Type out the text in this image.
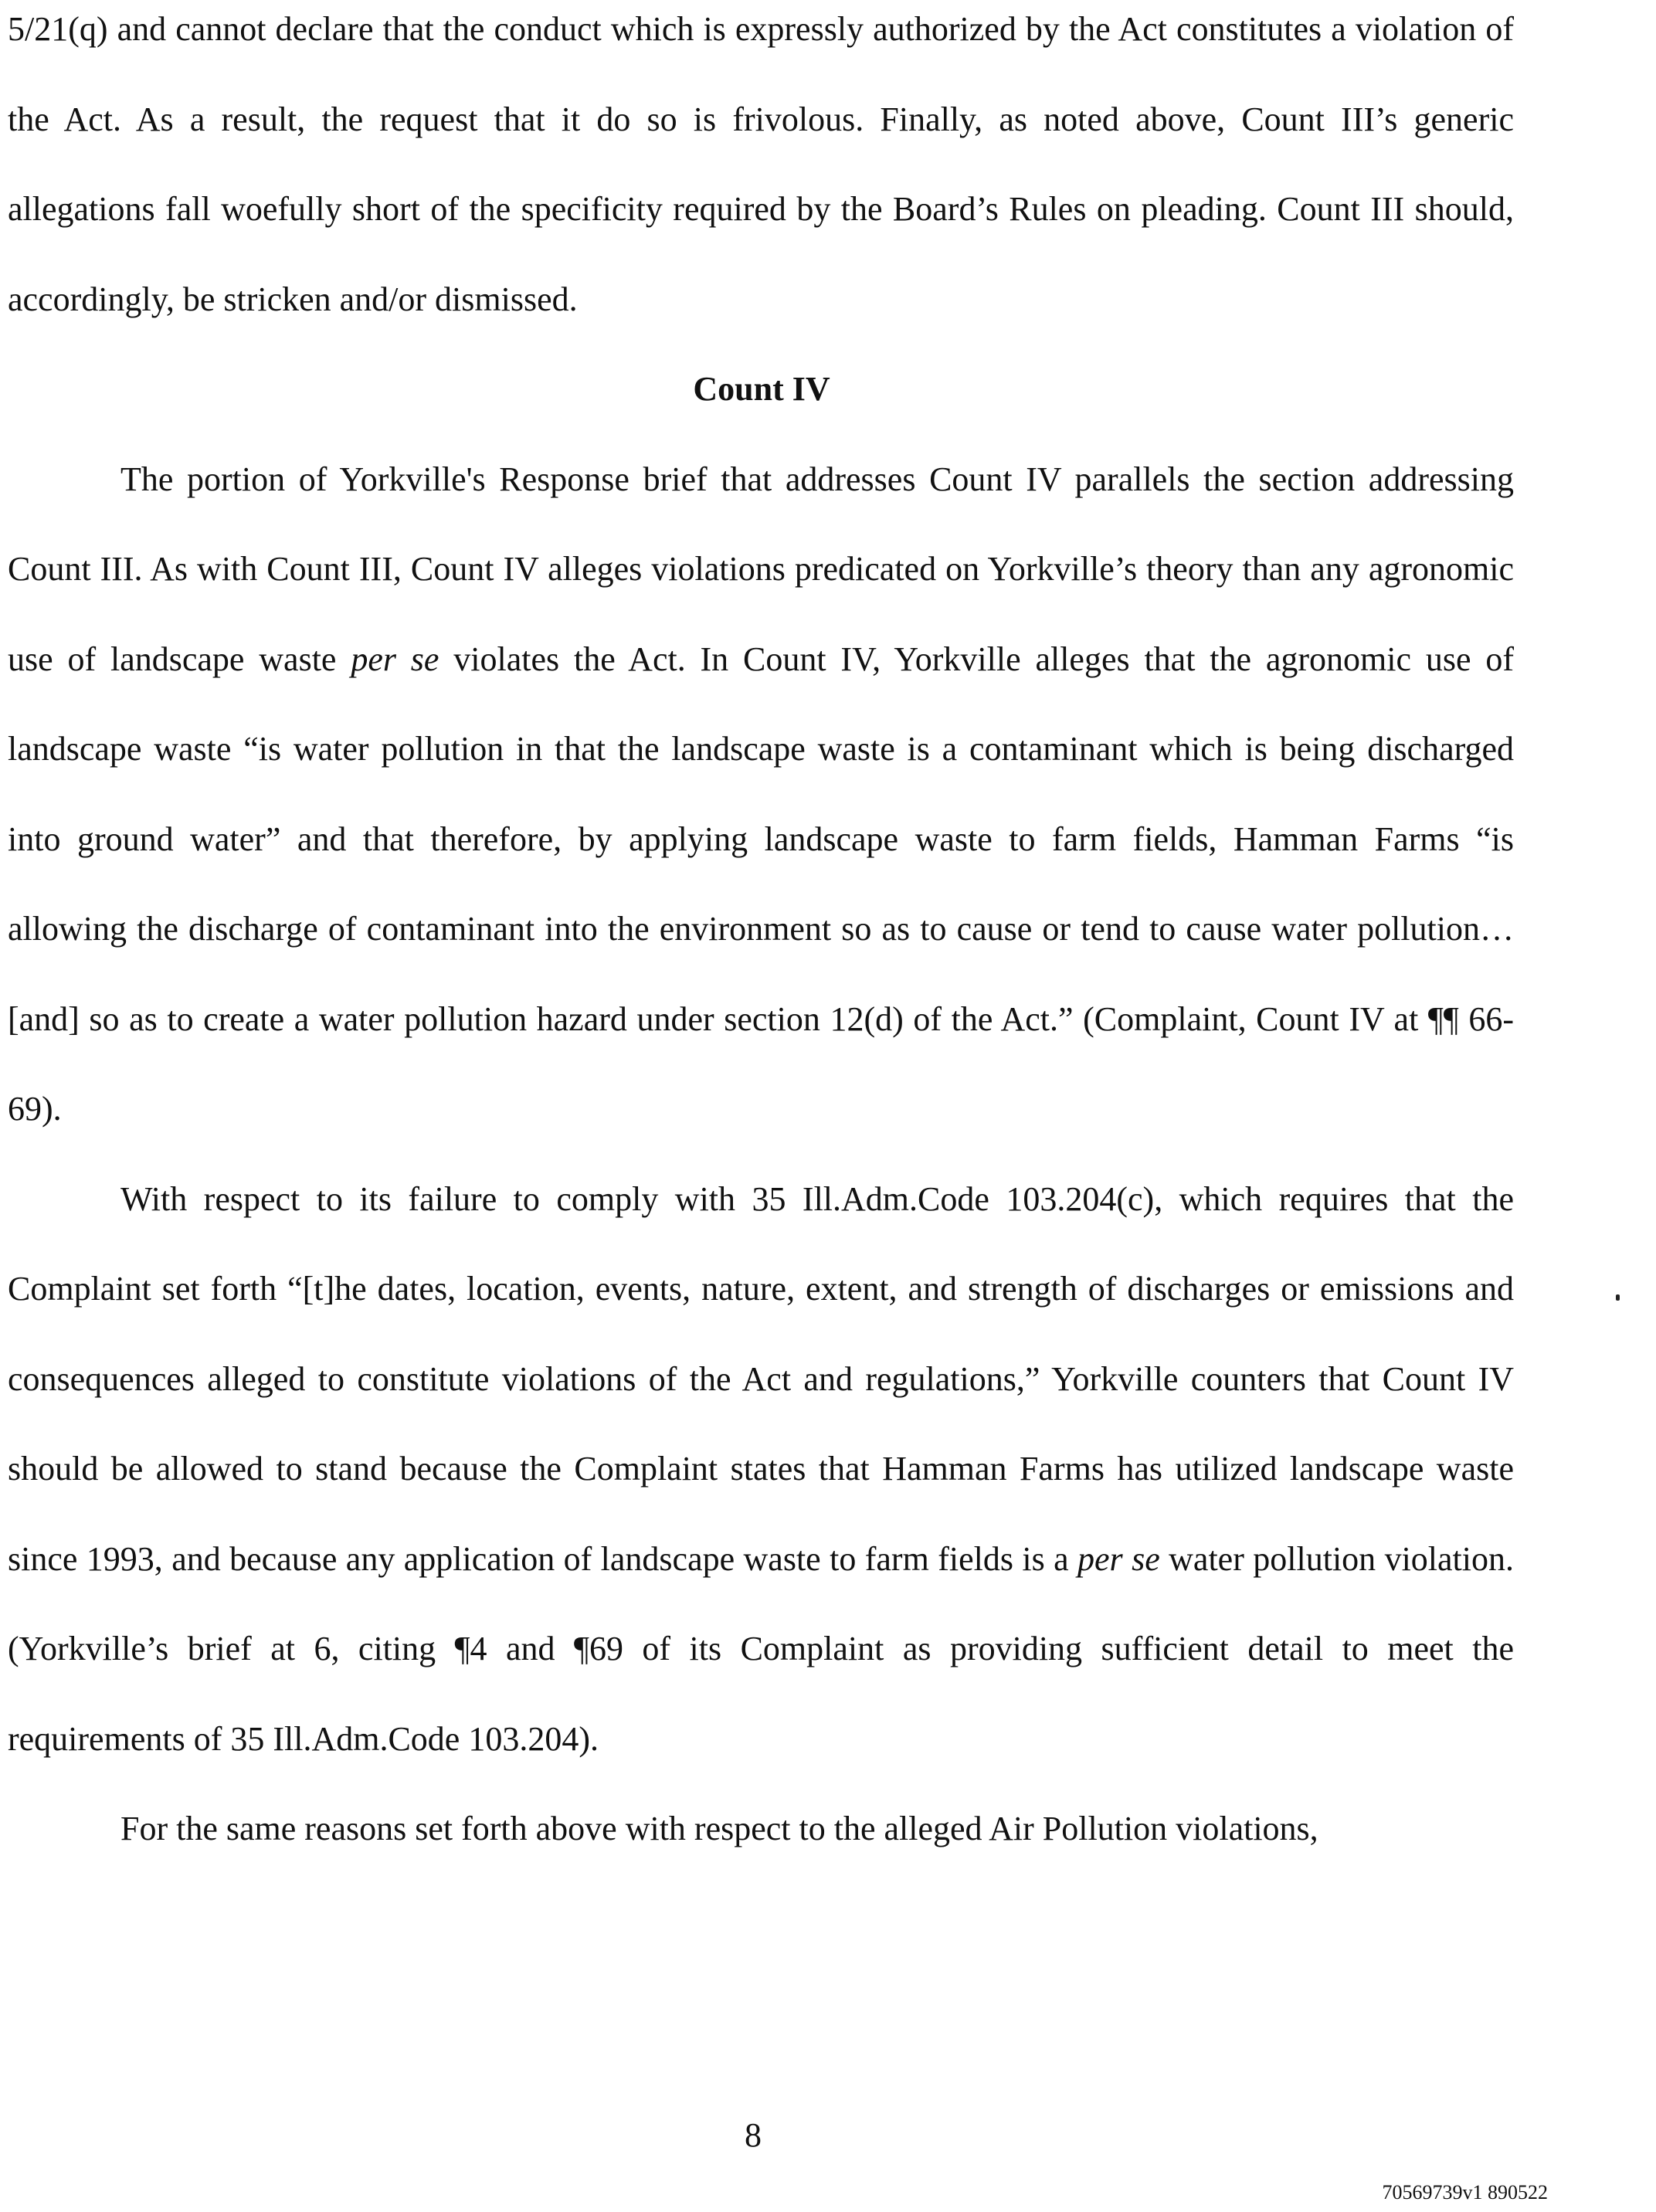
5/21(q) and cannot declare that the conduct which is expressly authorized by the Act constitutes a violation of the Act. As a result, the request that it do so is frivolous. Finally, as noted above, Count III’s generic allegations fall woefully short of the specificity required by the Board’s Rules on pleading. Count III should, accordingly, be stricken and/or dismissed.

Count IV

The portion of Yorkville's Response brief that addresses Count IV parallels the section addressing Count III. As with Count III, Count IV alleges violations predicated on Yorkville’s theory than any agronomic use of landscape waste per se violates the Act. In Count IV, Yorkville alleges that the agronomic use of landscape waste “is water pollution in that the landscape waste is a contaminant which is being discharged into ground water” and that therefore, by applying landscape waste to farm fields, Hamman Farms “is allowing the discharge of contaminant into the environment so as to cause or tend to cause water pollution…[and] so as to create a water pollution hazard under section 12(d) of the Act.” (Complaint, Count IV at ¶¶ 66-69).

With respect to its failure to comply with 35 Ill.Adm.Code 103.204(c), which requires that the Complaint set forth “[t]he dates, location, events, nature, extent, and strength of discharges or emissions and consequences alleged to constitute violations of the Act and regulations,” Yorkville counters that Count IV should be allowed to stand because the Complaint states that Hamman Farms has utilized landscape waste since 1993, and because any application of landscape waste to farm fields is a per se water pollution violation. (Yorkville’s brief at 6, citing ¶4 and ¶69 of its Complaint as providing sufficient detail to meet the requirements of 35 Ill.Adm.Code 103.204).

For the same reasons set forth above with respect to the alleged Air Pollution violations,

8
70569739v1 890522
